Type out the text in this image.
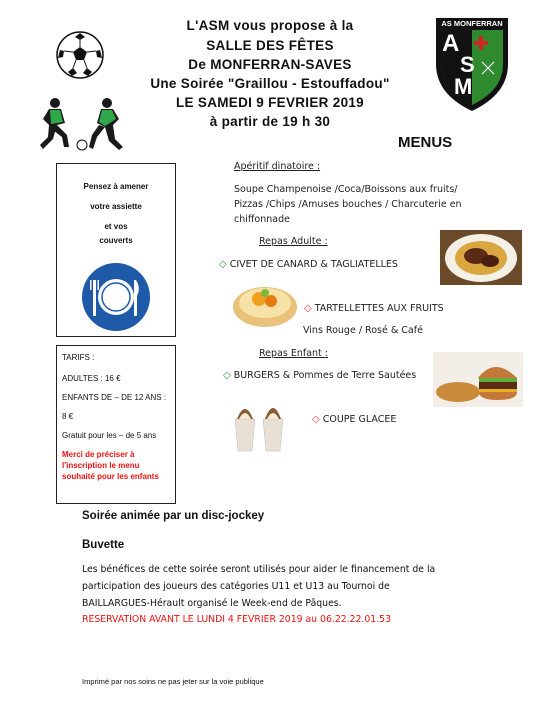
L'ASM vous propose à la
SALLE DES FÊTES
De MONFERRAN-SAVES
Une Soirée "Graillou - Estouffadou"
LE SAMEDI 9 FEVRIER 2019
à partir de 19 h 30
AS MONFERRAN
A
S
M
MENUS
Pensez à amener
votre assiette
et vos
couverts
TARIFS :
ADULTES : 16 €
ENFANTS DE – DE 12 ANS :
8 €
Gratuit pour les – de 5 ans
Merci de préciser à l'inscription le menu souhaité pour les enfants
Apéritif dinatoire :
Soupe Champenoise /Coca/Boissons aux fruits/ Pizzas /Chips /Amuses bouches / Charcuterie en chiffonnade
Repas Adulte :
◇ CIVET DE CANARD & TAGLIATELLES
◇ TARTELLETTES AUX FRUITS
Vins Rouge / Rosé & Café
Repas Enfant :
◇ BURGERS & Pommes de Terre Sautées
◇ COUPE GLACEE
Soirée animée par un disc-jockey
Buvette
Les bénéfices de cette soirée seront utilisés pour aider le financement de la participation des joueurs des catégories U11 et U13 au Tournoi de BAILLARGUES-Hérault organisé le Week-end de Pâques.
RESERVATION AVANT LE LUNDI 4 FEVRIER 2019 au 06.22.22.01.53
Imprimé par nos soins ne pas jeter sur la voie publique
